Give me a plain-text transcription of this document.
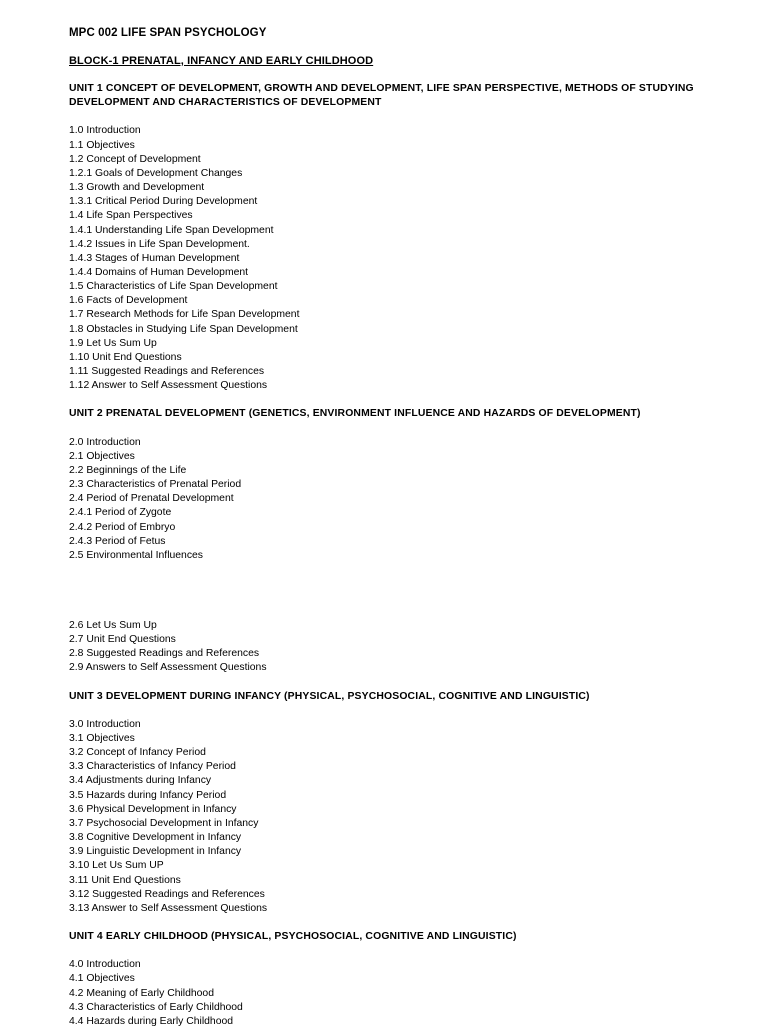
MPC 002 LIFE SPAN PSYCHOLOGY

BLOCK-1 PRENATAL, INFANCY AND EARLY CHILDHOOD

UNIT 1 CONCEPT OF DEVELOPMENT, GROWTH AND DEVELOPMENT, LIFE SPAN PERSPECTIVE, METHODS OF STUDYING DEVELOPMENT AND CHARACTERISTICS OF DEVELOPMENT

1.0 Introduction

1.1 Objectives

1.2 Concept of Development

1.2.1 Goals of Development Changes

1.3 Growth and Development

1.3.1 Critical Period During Development

1.4 Life Span Perspectives

1.4.1 Understanding Life Span Development

1.4.2 Issues in Life Span Development.

1.4.3 Stages of Human Development

1.4.4 Domains of Human Development

1.5 Characteristics of Life Span Development

1.6 Facts of Development

1.7 Research Methods for Life Span Development

1.8 Obstacles in Studying Life Span Development

1.9 Let Us Sum Up

1.10 Unit End Questions

1.11 Suggested Readings and References

1.12 Answer to Self Assessment Questions

UNIT 2 PRENATAL DEVELOPMENT (GENETICS, ENVIRONMENT INFLUENCE AND HAZARDS OF DEVELOPMENT)

2.0 Introduction

2.1 Objectives

2.2 Beginnings of the Life

2.3 Characteristics of Prenatal Period

2.4 Period of Prenatal Development

2.4.1 Period of Zygote

2.4.2 Period of Embryo

2.4.3 Period of Fetus

2.5 Environmental Influences

2.6 Let Us Sum Up

2.7 Unit End Questions

2.8 Suggested Readings and References

2.9 Answers to Self Assessment Questions

UNIT 3 DEVELOPMENT DURING INFANCY (PHYSICAL, PSYCHOSOCIAL, COGNITIVE AND LINGUISTIC)

3.0 Introduction

3.1 Objectives

3.2 Concept of Infancy Period

3.3 Characteristics of Infancy Period

3.4 Adjustments during Infancy

3.5 Hazards during Infancy Period

3.6 Physical Development in Infancy

3.7 Psychosocial Development in Infancy

3.8 Cognitive Development in Infancy

3.9 Linguistic Development in Infancy

3.10 Let Us Sum UP

3.11 Unit End Questions

3.12 Suggested Readings and References

3.13 Answer to Self Assessment Questions

UNIT 4 EARLY CHILDHOOD (PHYSICAL, PSYCHOSOCIAL, COGNITIVE AND LINGUISTIC)

4.0 Introduction

4.1 Objectives

4.2 Meaning of Early Childhood

4.3 Characteristics of Early Childhood

4.4 Hazards during Early Childhood
